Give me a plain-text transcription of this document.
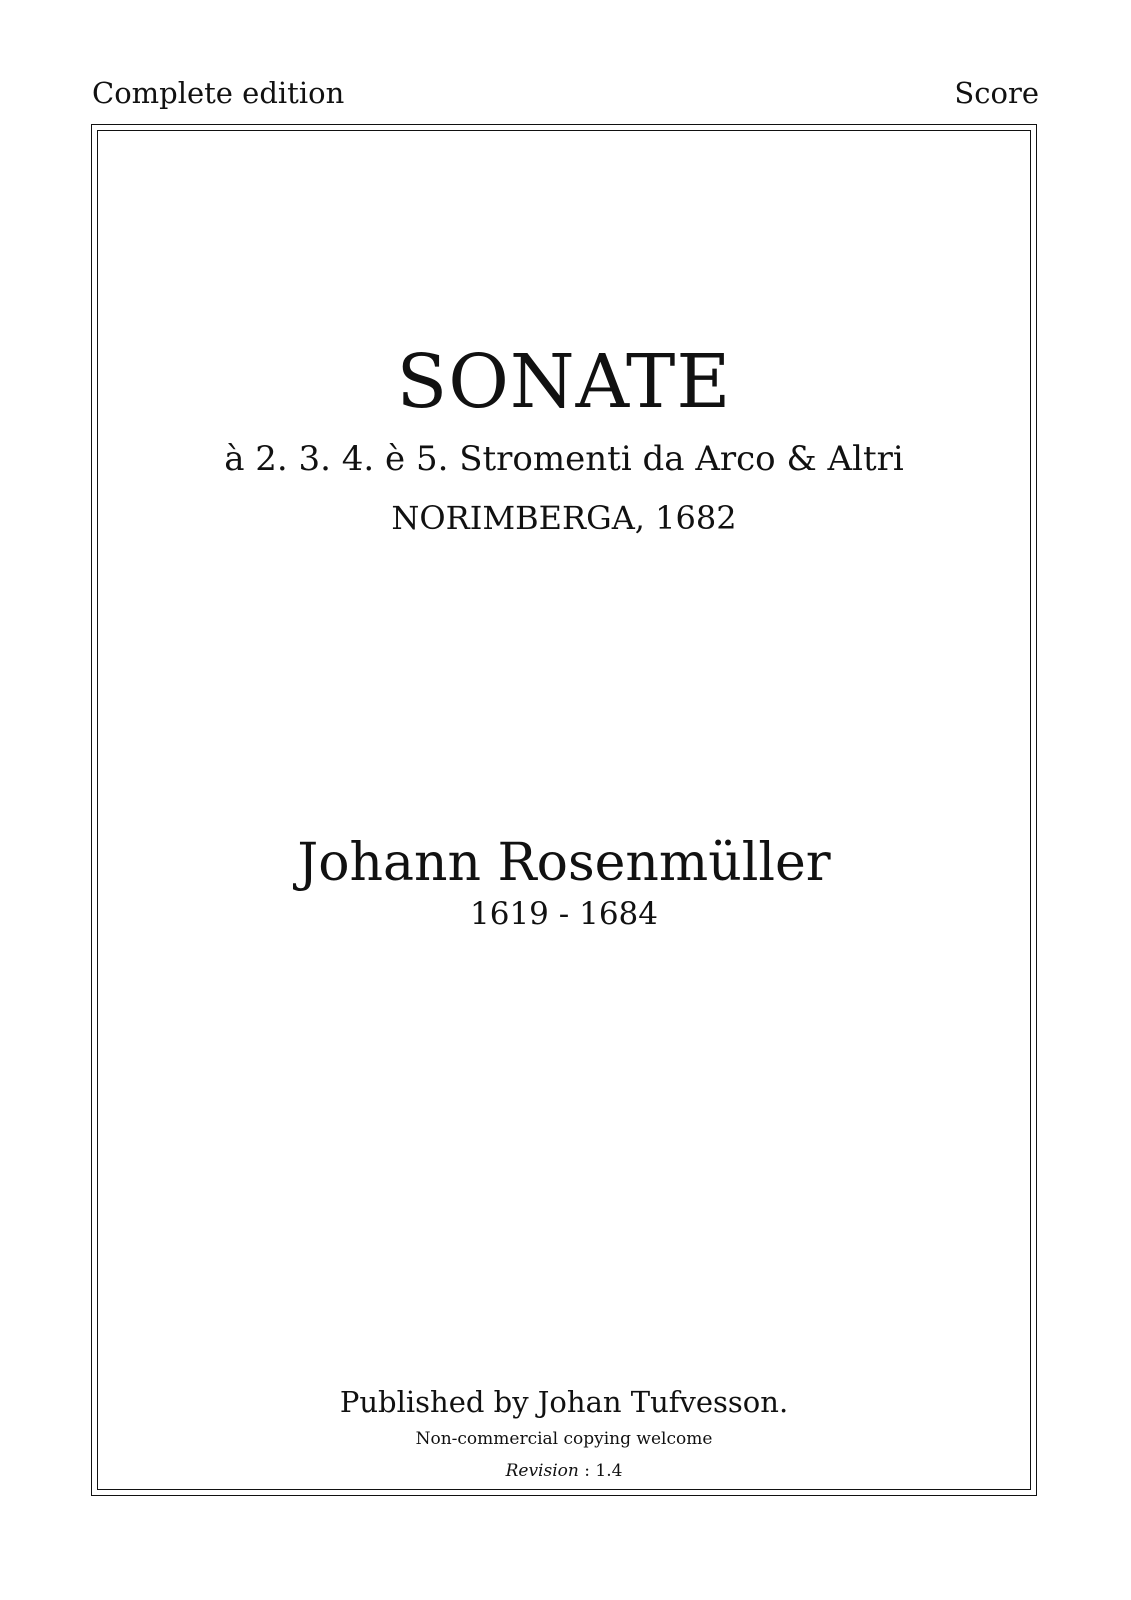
Complete edition	Score
SONATE
à 2. 3. 4. è 5. Stromenti da Arco & Altri
NORIMBERGA, 1682
Johann Rosenmüller
1619 - 1684
Published by Johan Tufvesson.
Non-commercial copying welcome
Revision : 1.4
